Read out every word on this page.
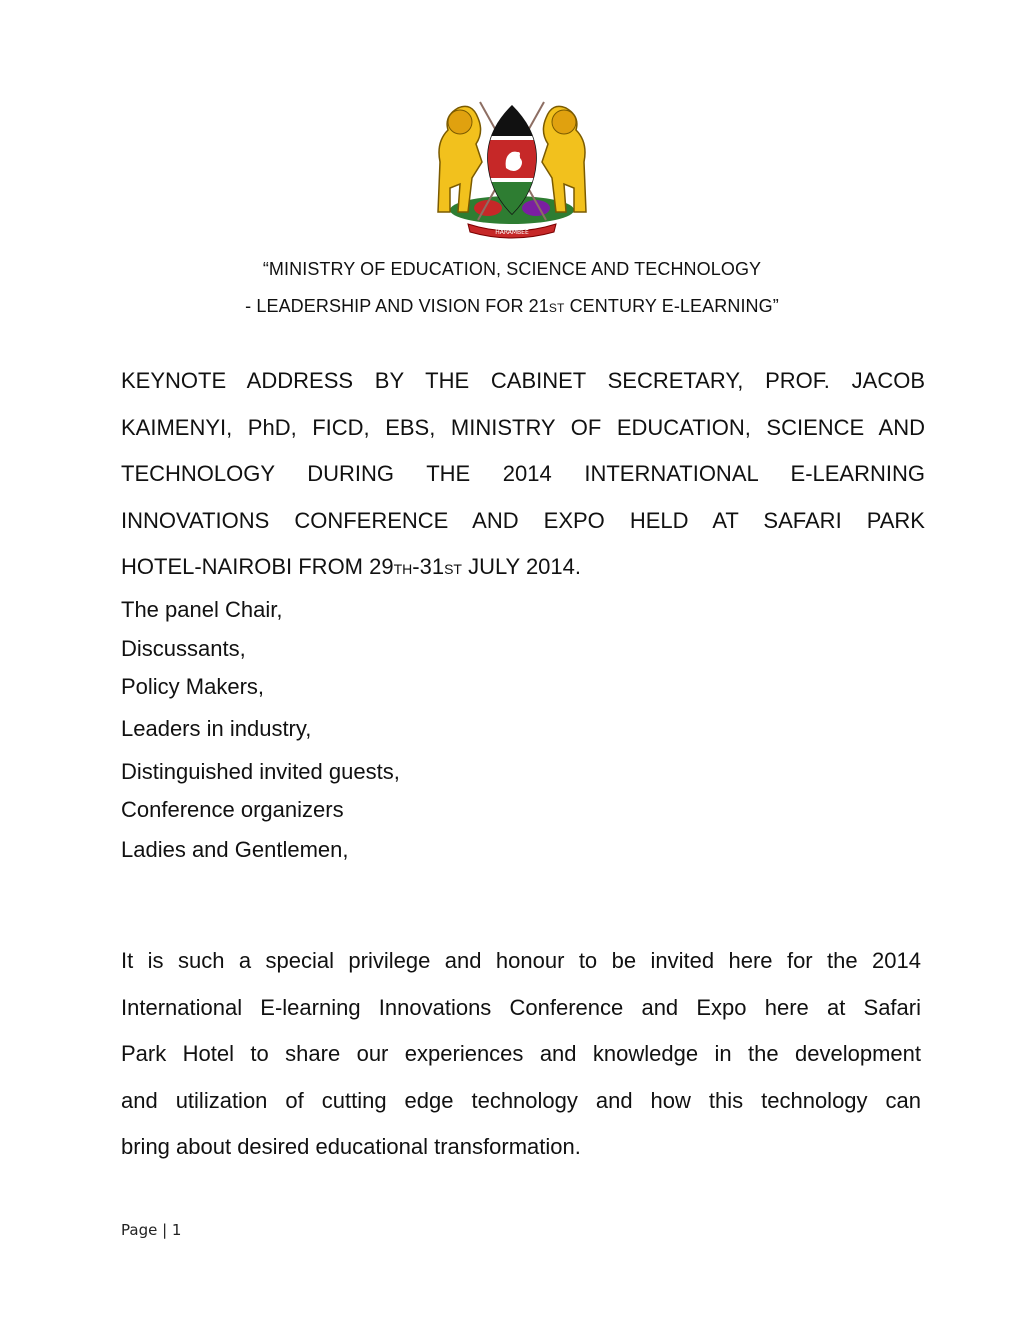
HARAMBEE
“MINISTRY OF EDUCATION, SCIENCE AND TECHNOLOGY
- LEADERSHIP AND VISION FOR 21ST CENTURY E-LEARNING”

KEYNOTE ADDRESS BY THE CABINET SECRETARY, PROF. JACOB
KAIMENYI, PhD, FICD, EBS, MINISTRY OF EDUCATION, SCIENCE AND
TECHNOLOGY DURING THE 2014 INTERNATIONAL E-LEARNING
INNOVATIONS CONFERENCE AND EXPO HELD AT SAFARI PARK
HOTEL-NAIROBI FROM 29TH-31ST JULY 2014.

The panel Chair,
Discussants,
Policy Makers,
Leaders in industry,
Distinguished invited guests,
Conference organizers
Ladies and Gentlemen,

It is such a special privilege and honour to be invited here for the 2014
International E-learning Innovations Conference and Expo here at Safari
Park Hotel to share our experiences and knowledge in the development
and utilization of cutting edge technology and how this technology can
bring about desired educational transformation.

Page | 1
